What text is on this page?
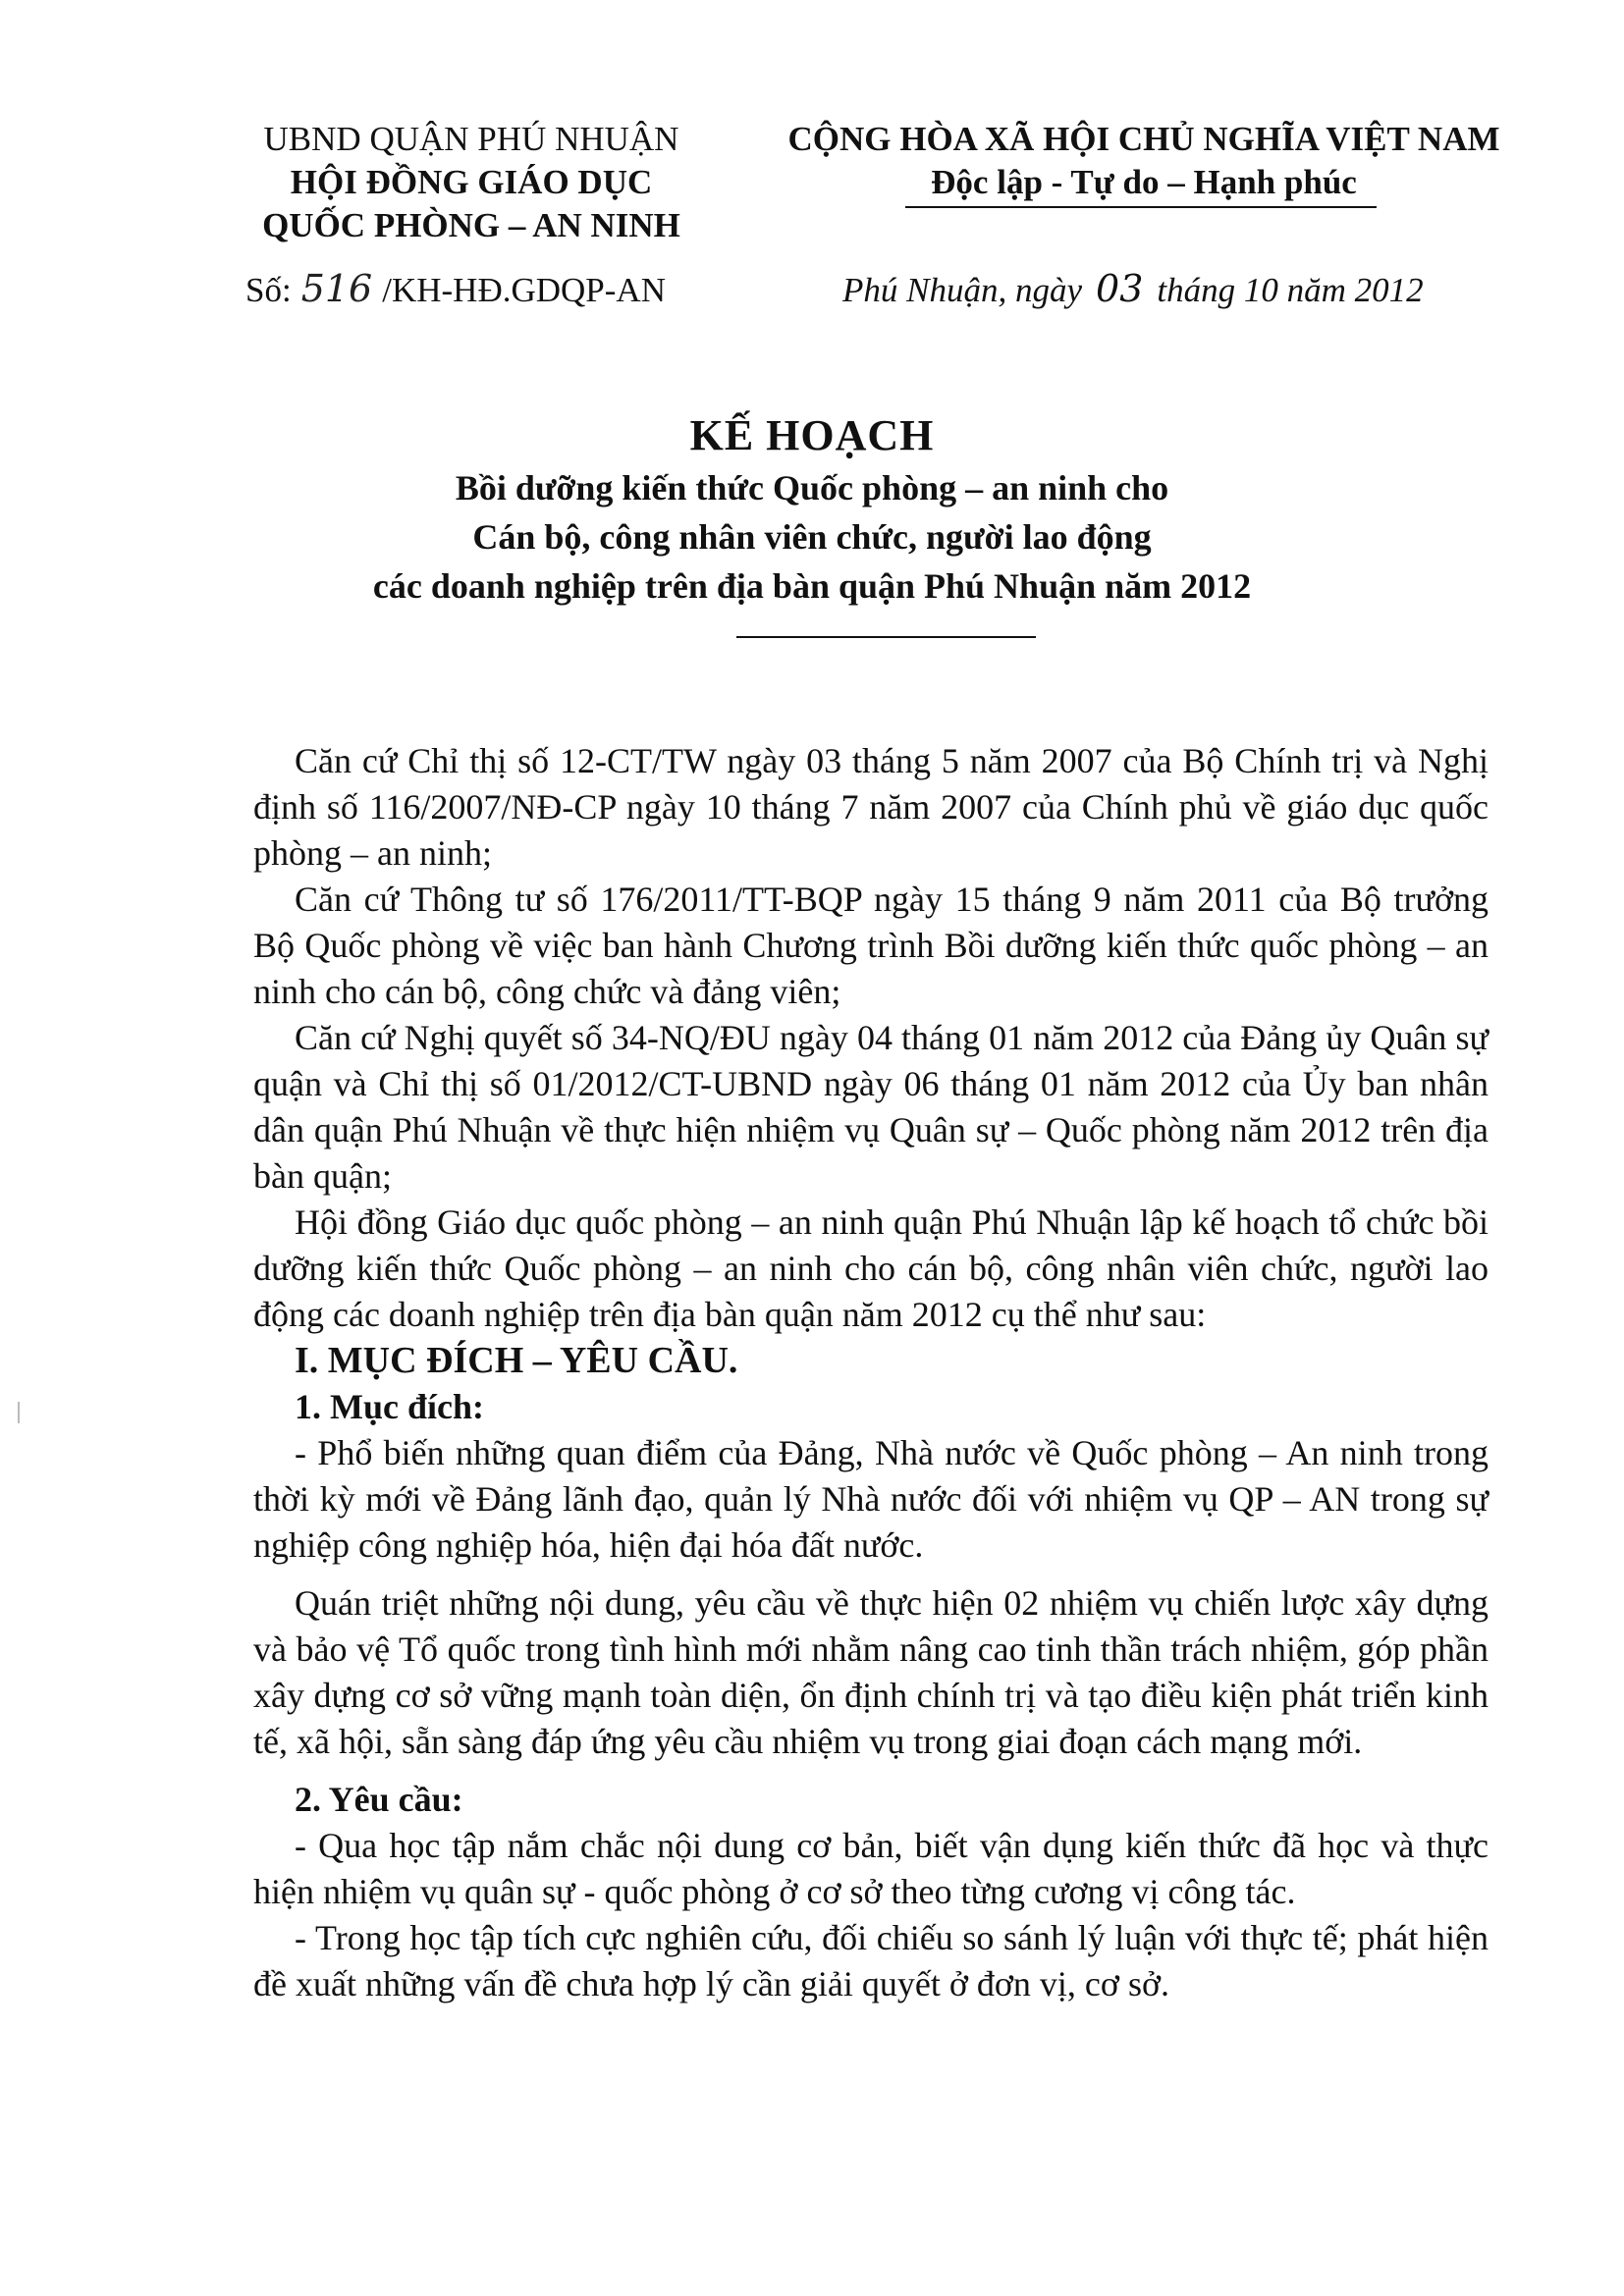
UBND QUẬN PHÚ NHUẬN
HỘI ĐỒNG GIÁO DỤC
QUỐC PHÒNG – AN NINH
CỘNG HÒA XÃ HỘI CHỦ NGHĨA VIỆT NAM
Độc lập - Tự do – Hạnh phúc
Số: 516 /KH-HĐ.GDQP-AN	Phú Nhuận, ngày 03 tháng 10 năm 2012
KẾ HOẠCH
Bồi dưỡng kiến thức Quốc phòng – an ninh cho
Cán bộ, công nhân viên chức, người lao động
các doanh nghiệp trên địa bàn quận Phú Nhuận năm 2012

Căn cứ Chỉ thị số 12-CT/TW ngày 03 tháng 5 năm 2007 của Bộ Chính trị và Nghị định số 116/2007/NĐ-CP ngày 10 tháng 7 năm 2007 của Chính phủ về giáo dục quốc phòng – an ninh;

Căn cứ Thông tư số 176/2011/TT-BQP ngày 15 tháng 9 năm 2011 của Bộ trưởng Bộ Quốc phòng về việc ban hành Chương trình Bồi dưỡng kiến thức quốc phòng – an ninh cho cán bộ, công chức và đảng viên;

Căn cứ Nghị quyết số 34-NQ/ĐU ngày 04 tháng 01 năm 2012 của Đảng ủy Quân sự quận và Chỉ thị số 01/2012/CT-UBND ngày 06 tháng 01 năm 2012 của Ủy ban nhân dân quận Phú Nhuận về thực hiện nhiệm vụ Quân sự – Quốc phòng năm 2012 trên địa bàn quận;

Hội đồng Giáo dục quốc phòng – an ninh quận Phú Nhuận lập kế hoạch tổ chức bồi dưỡng kiến thức Quốc phòng – an ninh cho cán bộ, công nhân viên chức, người lao động các doanh nghiệp trên địa bàn quận năm 2012 cụ thể như sau:

I. MỤC ĐÍCH – YÊU CẦU.

1. Mục đích:

- Phổ biến những quan điểm của Đảng, Nhà nước về Quốc phòng – An ninh trong thời kỳ mới về Đảng lãnh đạo, quản lý Nhà nước đối với nhiệm vụ QP – AN trong sự nghiệp công nghiệp hóa, hiện đại hóa đất nước.

Quán triệt những nội dung, yêu cầu về thực hiện 02 nhiệm vụ chiến lược xây dựng và bảo vệ Tổ quốc trong tình hình mới nhằm nâng cao tinh thần trách nhiệm, góp phần xây dựng cơ sở vững mạnh toàn diện, ổn định chính trị và tạo điều kiện phát triển kinh tế, xã hội, sẵn sàng đáp ứng yêu cầu nhiệm vụ trong giai đoạn cách mạng mới.

2. Yêu cầu:

- Qua học tập nắm chắc nội dung cơ bản, biết vận dụng kiến thức đã học và thực hiện nhiệm vụ quân sự - quốc phòng ở cơ sở theo từng cương vị công tác.

- Trong học tập tích cực nghiên cứu, đối chiếu so sánh lý luận với thực tế; phát hiện đề xuất những vấn đề chưa hợp lý cần giải quyết ở đơn vị, cơ sở.
